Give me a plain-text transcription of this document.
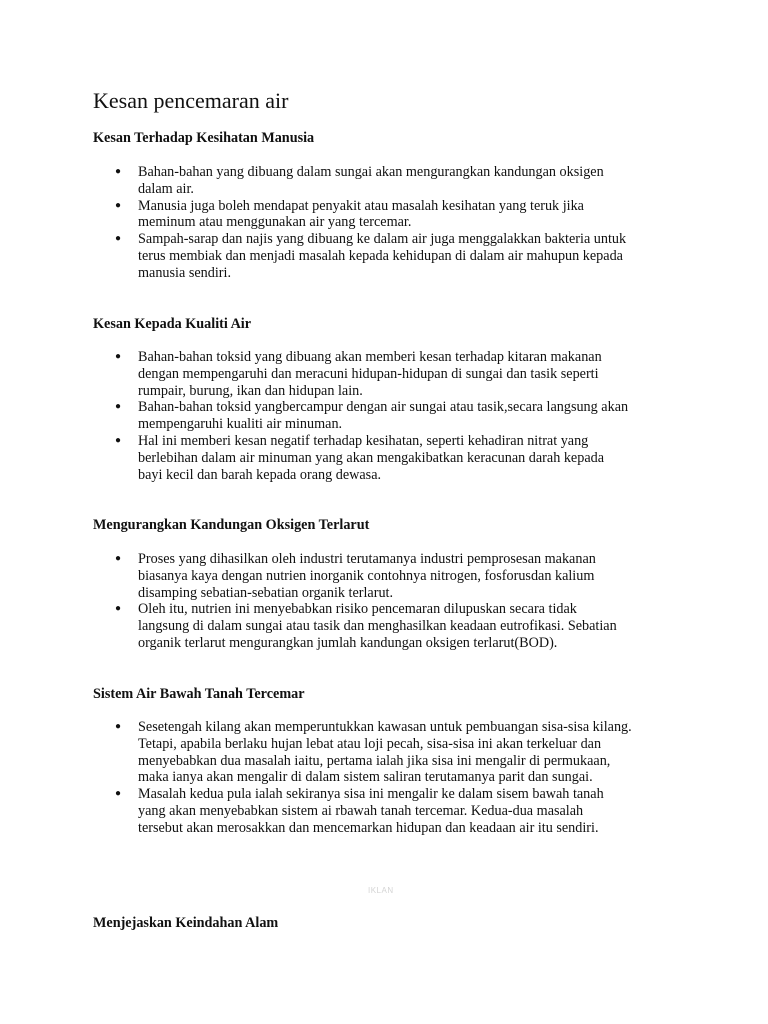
Kesan pencemaran air
Kesan Terhadap Kesihatan Manusia
● Bahan-bahan yang dibuang dalam sungai akan mengurangkan kandungan oksigen
dalam air.
● Manusia juga boleh mendapat penyakit atau masalah kesihatan yang teruk jika
meminum atau menggunakan air yang tercemar.
● Sampah-sarap dan najis yang dibuang ke dalam air juga menggalakkan bakteria untuk
terus membiak dan menjadi masalah kepada kehidupan di dalam air mahupun kepada
manusia sendiri.
Kesan Kepada Kualiti Air
● Bahan-bahan toksid yang dibuang akan memberi kesan terhadap kitaran makanan
dengan mempengaruhi dan meracuni hidupan-hidupan di sungai dan tasik seperti
rumpair, burung, ikan dan hidupan lain.
● Bahan-bahan toksid yangbercampur dengan air sungai atau tasik,secara langsung akan
mempengaruhi kualiti air minuman.
● Hal ini memberi kesan negatif terhadap kesihatan, seperti kehadiran nitrat yang
berlebihan dalam air minuman yang akan mengakibatkan keracunan darah kepada
bayi kecil dan barah kepada orang dewasa.
Mengurangkan Kandungan Oksigen Terlarut
● Proses yang dihasilkan oleh industri terutamanya industri pemprosesan makanan
biasanya kaya dengan nutrien inorganik contohnya nitrogen, fosforusdan kalium
disamping sebatian-sebatian organik terlarut.
● Oleh itu, nutrien ini menyebabkan risiko pencemaran dilupuskan secara tidak
langsung di dalam sungai atau tasik dan menghasilkan keadaan eutrofikasi. Sebatian
organik terlarut mengurangkan jumlah kandungan oksigen terlarut(BOD).
Sistem Air Bawah Tanah Tercemar
● Sesetengah kilang akan memperuntukkan kawasan untuk pembuangan sisa-sisa kilang.
Tetapi, apabila berlaku hujan lebat atau loji pecah, sisa-sisa ini akan terkeluar dan
menyebabkan dua masalah iaitu, pertama ialah jika sisa ini mengalir di permukaan,
maka ianya akan mengalir di dalam sistem saliran terutamanya parit dan sungai.
● Masalah kedua pula ialah sekiranya sisa ini mengalir ke dalam sisem bawah tanah
yang akan menyebabkan sistem ai rbawah tanah tercemar. Kedua-dua masalah
tersebut akan merosakkan dan mencemarkan hidupan dan keadaan air itu sendiri.
Menjejaskan Keindahan Alam
IKLAN
